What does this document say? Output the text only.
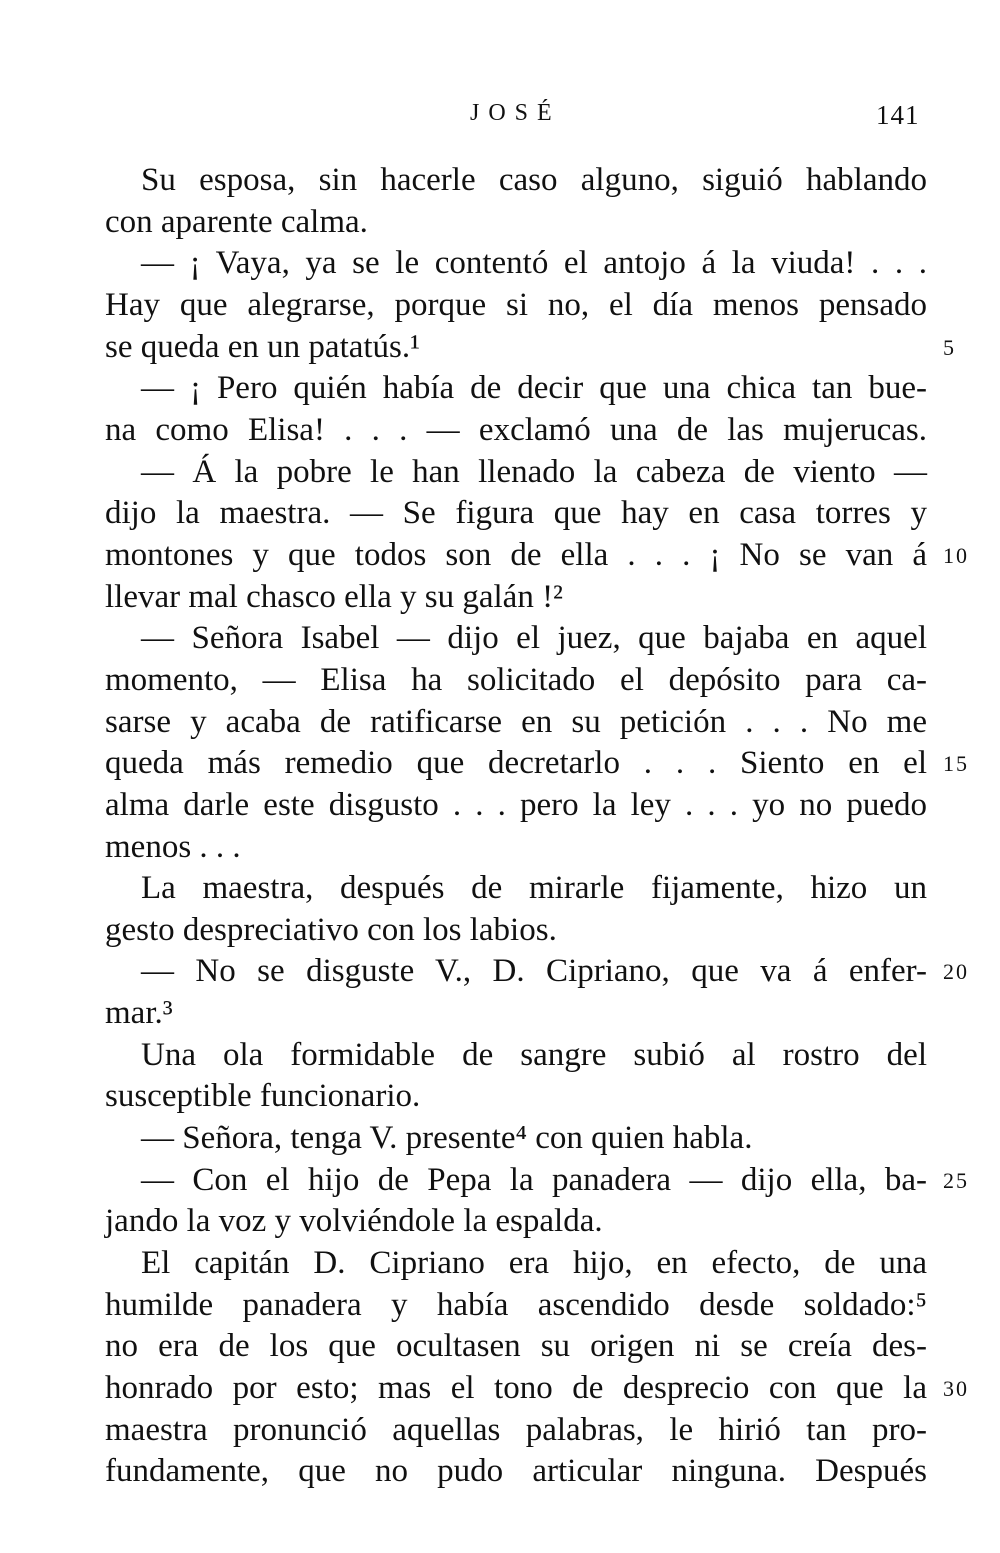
JOSÉ	141
Su esposa, sin hacerle caso alguno, siguió hablando
con aparente calma.
— ¡ Vaya, ya se le contentó el antojo á la viuda! . . .
Hay que alegrarse, porque si no, el día menos pensado
se queda en un patatús.¹	5
— ¡ Pero quién había de decir que una chica tan bue-
na como Elisa! . . . — exclamó una de las mujerucas.
— Á la pobre le han llenado la cabeza de viento —
dijo la maestra. — Se figura que hay en casa torres y
montones y que todos son de ella . . . ¡ No se van á 10
llevar mal chasco ella y su galán !²
— Señora Isabel — dijo el juez, que bajaba en aquel
momento, — Elisa ha solicitado el depósito para ca-
sarse y acaba de ratificarse en su petición . . . No me
queda más remedio que decretarlo . . . Siento en el 15
alma darle este disgusto . . . pero la ley . . . yo no puedo
menos . . .
La maestra, después de mirarle fijamente, hizo un
gesto despreciativo con los labios.
— No se disguste V., D. Cipriano, que va á enfer- 20
mar.³
Una ola formidable de sangre subió al rostro del
susceptible funcionario.
— Señora, tenga V. presente⁴ con quien habla.
— Con el hijo de Pepa la panadera — dijo ella, ba- 25
jando la voz y volviéndole la espalda.
El capitán D. Cipriano era hijo, en efecto, de una
humilde panadera y había ascendido desde soldado:⁵
no era de los que ocultasen su origen ni se creía des-
honrado por esto; mas el tono de desprecio con que la 30
maestra pronunció aquellas palabras, le hirió tan pro-
fundamente, que no pudo articular ninguna. Después
